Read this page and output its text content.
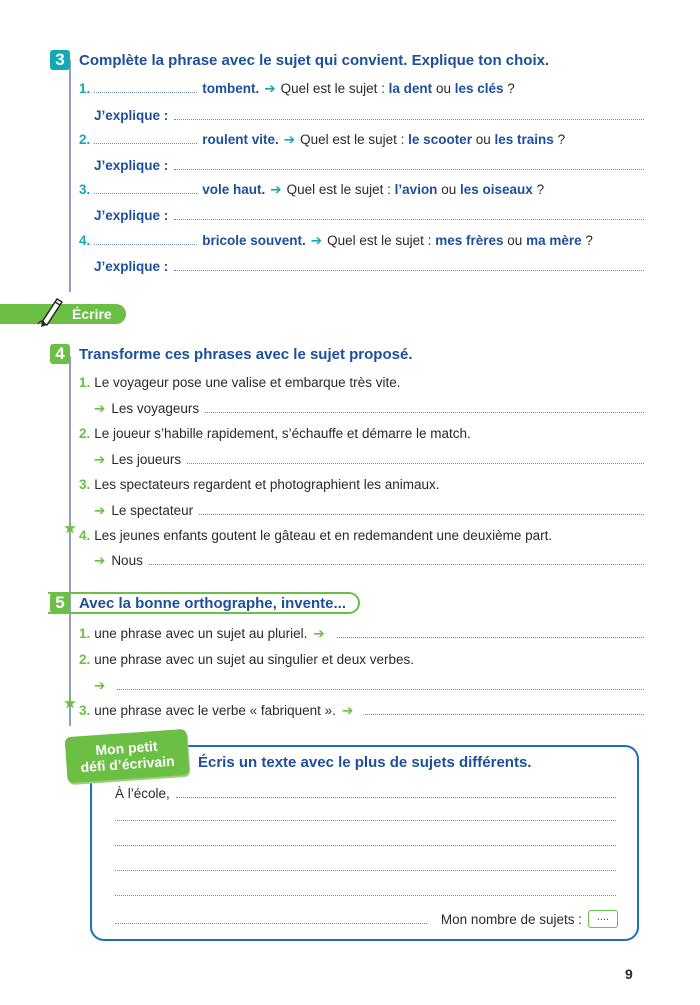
3 Complète la phrase avec le sujet qui convient. Explique ton choix.
1.	tombent. ➔ Quel est le sujet :
la dent
ou
les clés
?
J’explique :
2.	roulent vite. ➔ Quel est le sujet :
le scooter
ou
les trains
?
J’explique :
3.	vole haut. ➔ Quel est le sujet :
l’avion
ou
les oiseaux
?
J’explique :
4.	bricole souvent. ➔ Quel est le sujet :
mes frères
ou
ma mère
?
J’explique :
Écrire
4 Transforme ces phrases avec le sujet proposé.
1. Le voyageur pose une valise et embarque très vite.
➔ Les voyageurs
2. Le joueur s’habille rapidement, s’échauffe et démarre le match.
➔ Les joueurs
3. Les spectateurs regardent et photographient les animaux.
➔ Le spectateur
4. Les jeunes enfants goutent le gâteau et en redemandent une deuxième part.
➔ Nous
5 Avec la bonne orthographe, invente...
1. une phrase avec un sujet au pluriel. ➔
2. une phrase avec un sujet au singulier et deux verbes.
➔
3. une phrase avec le verbe « fabriquent ». ➔
Mon petit
défi d’écrivain Écris un texte avec le plus de sujets différents.
À l’école,
Mon nombre de sujets :	....
9
